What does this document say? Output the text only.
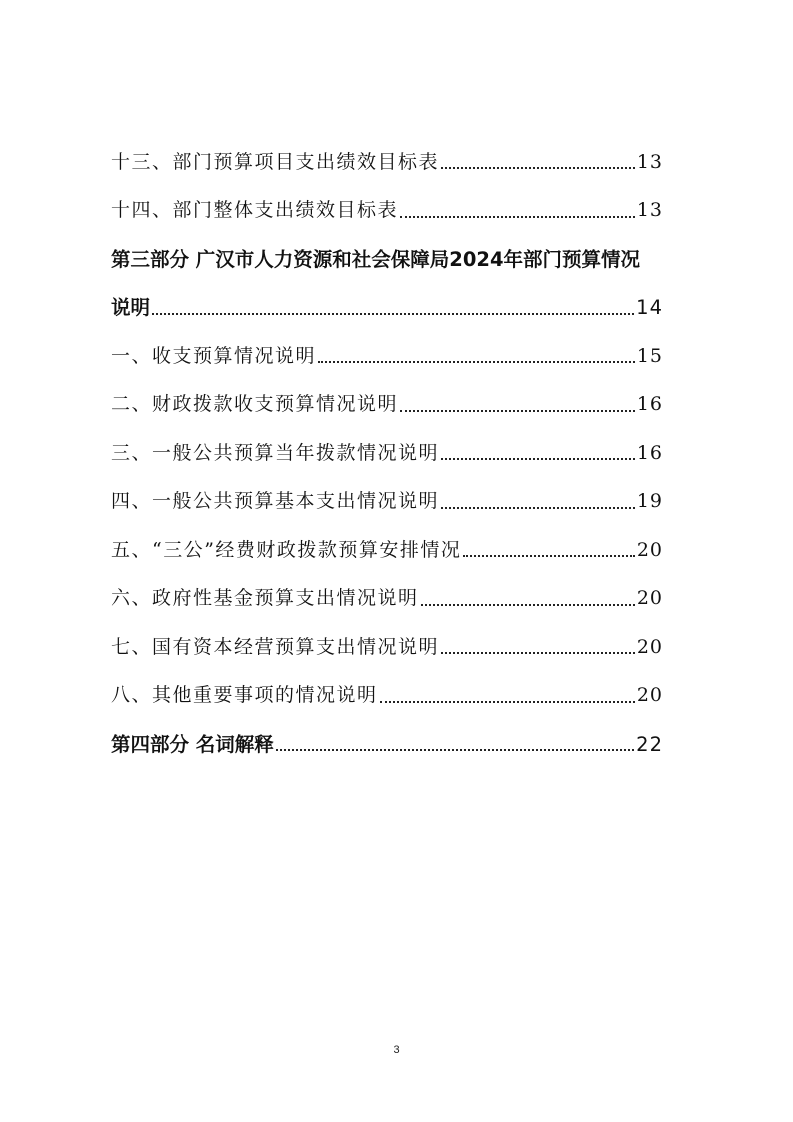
十三、部门预算项目支出绩效目标表	13
十四、部门整体支出绩效目标表	13
第三部分 广汉市人力资源和社会保障局2024年部门预算情况
说明	14
一、收支预算情况说明	15
二、财政拨款收支预算情况说明	16
三、一般公共预算当年拨款情况说明	16
四、一般公共预算基本支出情况说明	19
五、“三公”经费财政拨款预算安排情况	20
六、政府性基金预算支出情况说明	20
七、国有资本经营预算支出情况说明	20
八、其他重要事项的情况说明	20
第四部分 名词解释	22
3
